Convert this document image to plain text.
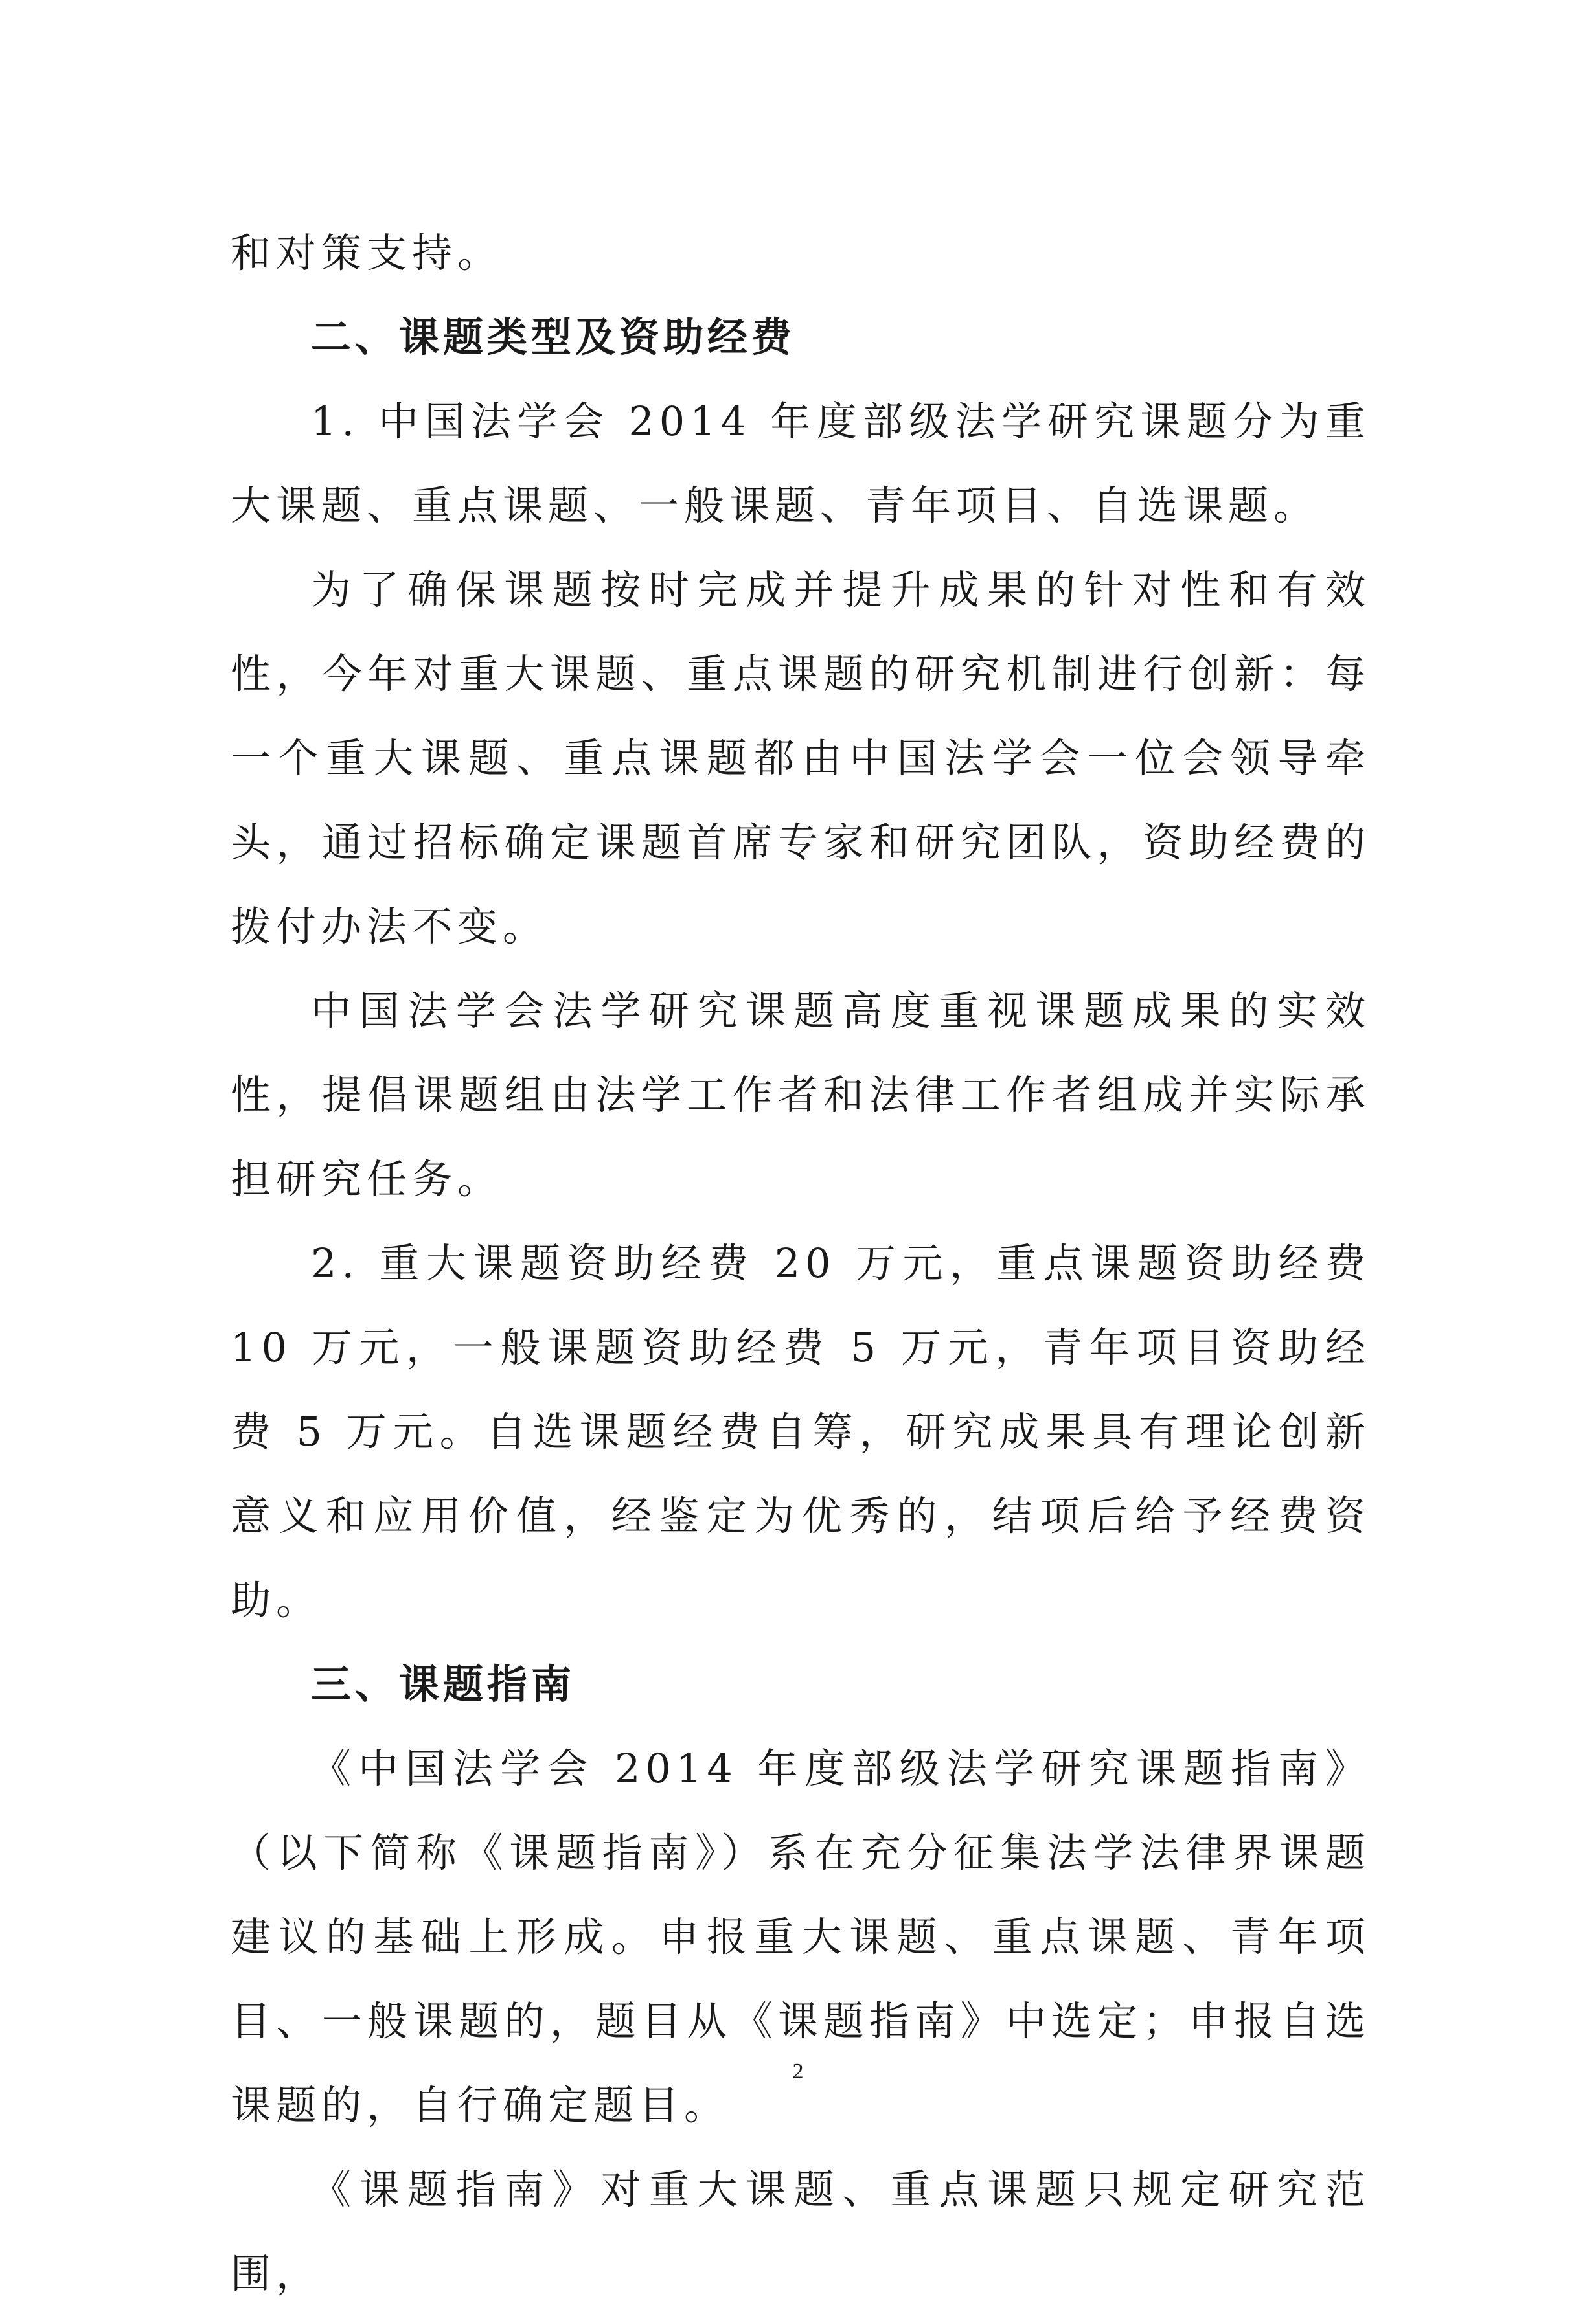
和对策支持。

二、课题类型及资助经费

1. 中国法学会 2014 年度部级法学研究课题分为重大课题、重点课题、一般课题、青年项目、自选课题。

为了确保课题按时完成并提升成果的针对性和有效性，今年对重大课题、重点课题的研究机制进行创新：每一个重大课题、重点课题都由中国法学会一位会领导牵头，通过招标确定课题首席专家和研究团队，资助经费的拨付办法不变。

中国法学会法学研究课题高度重视课题成果的实效性，提倡课题组由法学工作者和法律工作者组成并实际承担研究任务。

2. 重大课题资助经费 20 万元，重点课题资助经费 10 万元，一般课题资助经费 5 万元，青年项目资助经费 5 万元。自选课题经费自筹，研究成果具有理论创新意义和应用价值，经鉴定为优秀的，结项后给予经费资助。

三、课题指南

《中国法学会 2014 年度部级法学研究课题指南》（以下简称《课题指南》）系在充分征集法学法律界课题建议的基础上形成。申报重大课题、重点课题、青年项目、一般课题的，题目从《课题指南》中选定；申报自选课题的，自行确定题目。

《课题指南》对重大课题、重点课题只规定研究范围，

2
